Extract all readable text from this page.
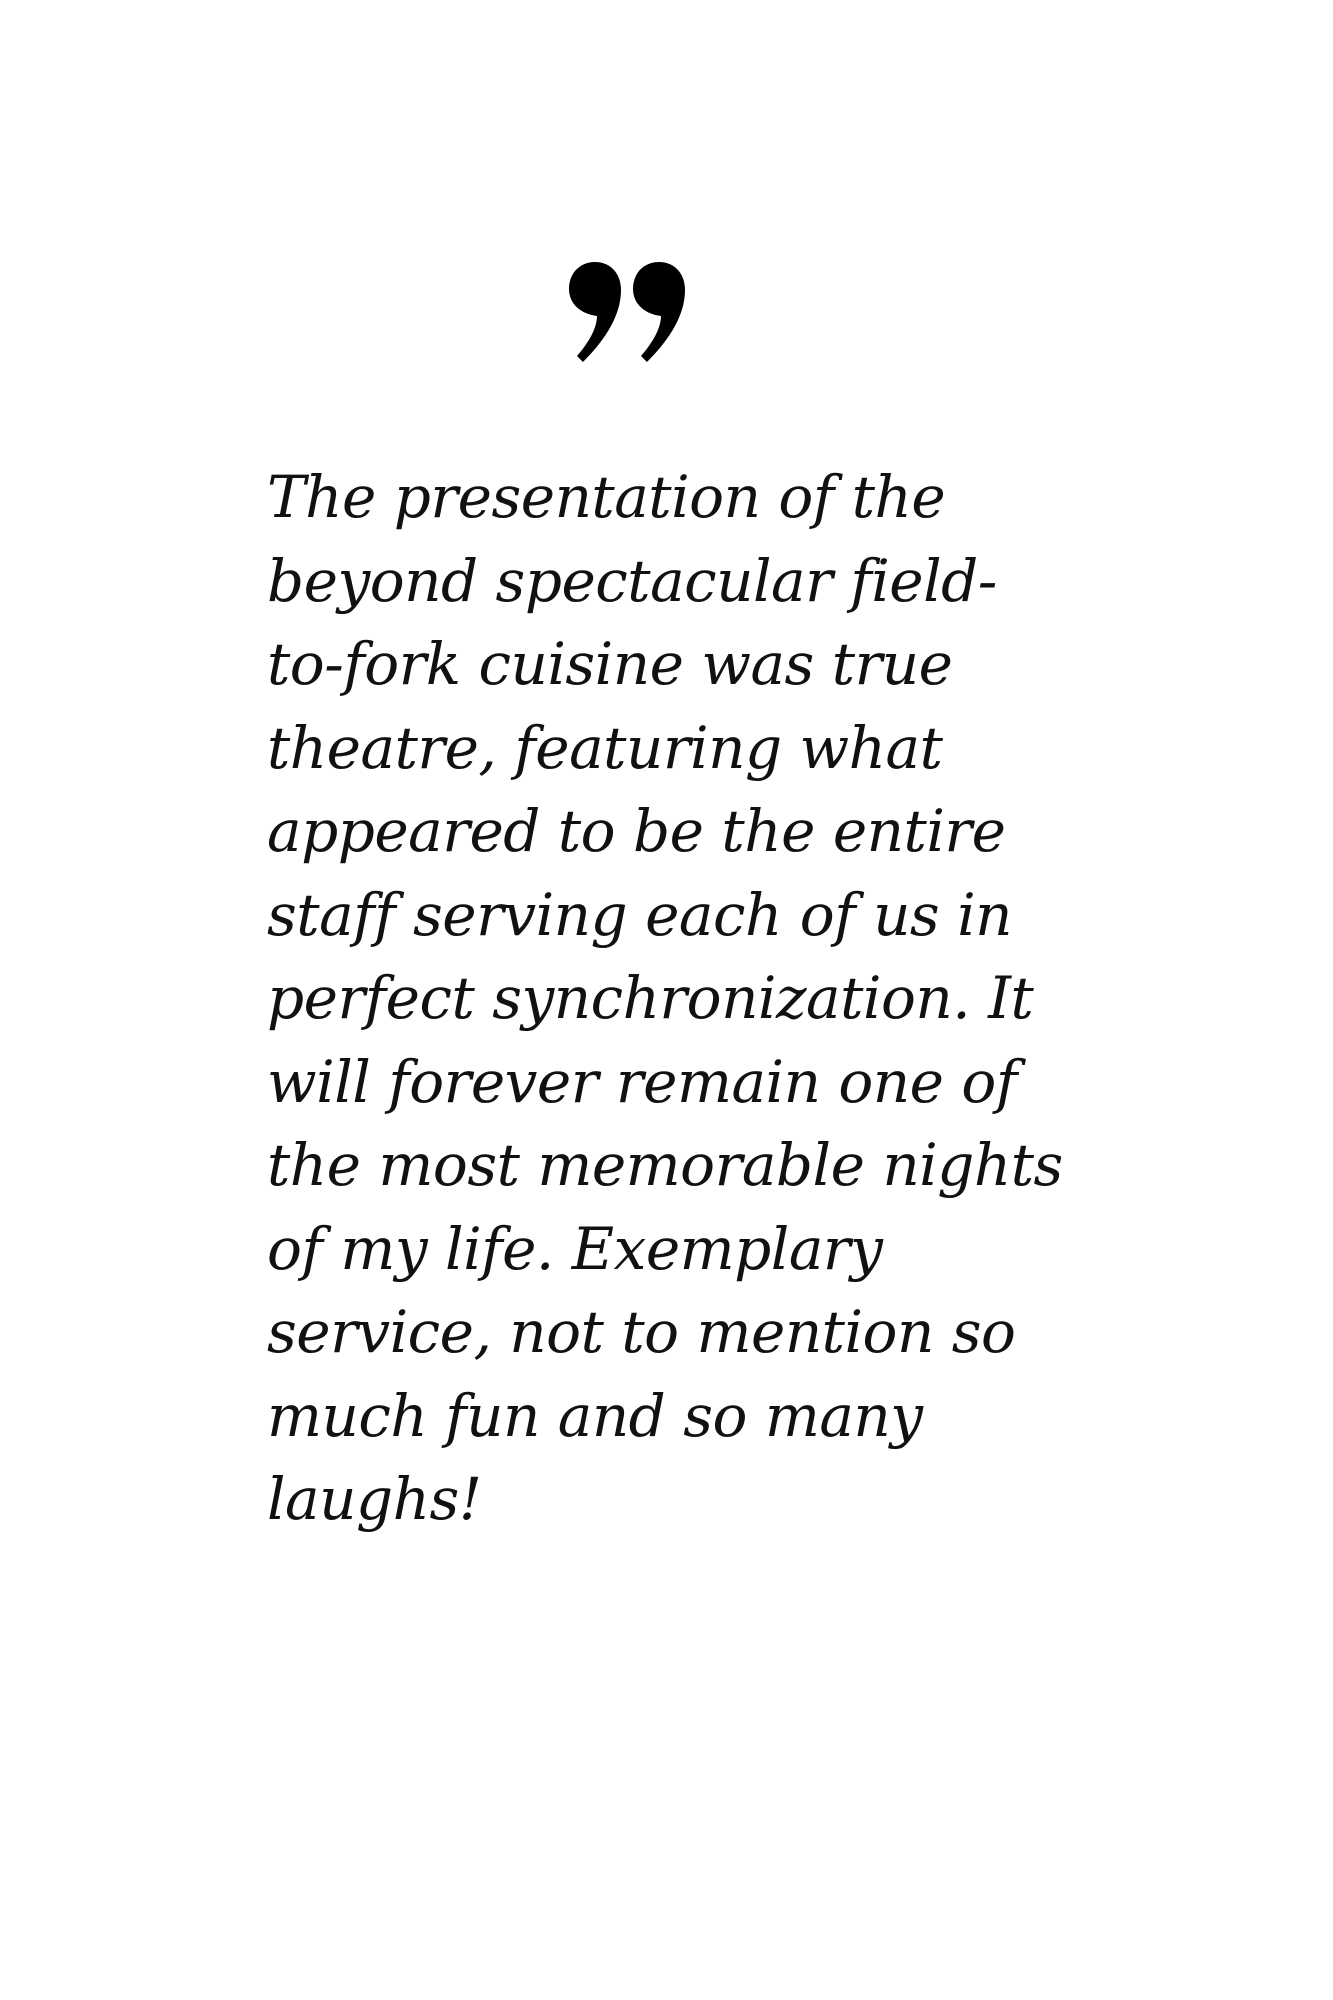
The presentation of the
beyond spectacular field-
to-fork cuisine was true
theatre, featuring what
appeared to be the entire
staff serving each of us in
perfect synchronization. It
will forever remain one of
the most memorable nights
of my life. Exemplary
service, not to mention so
much fun and so many
laughs!
